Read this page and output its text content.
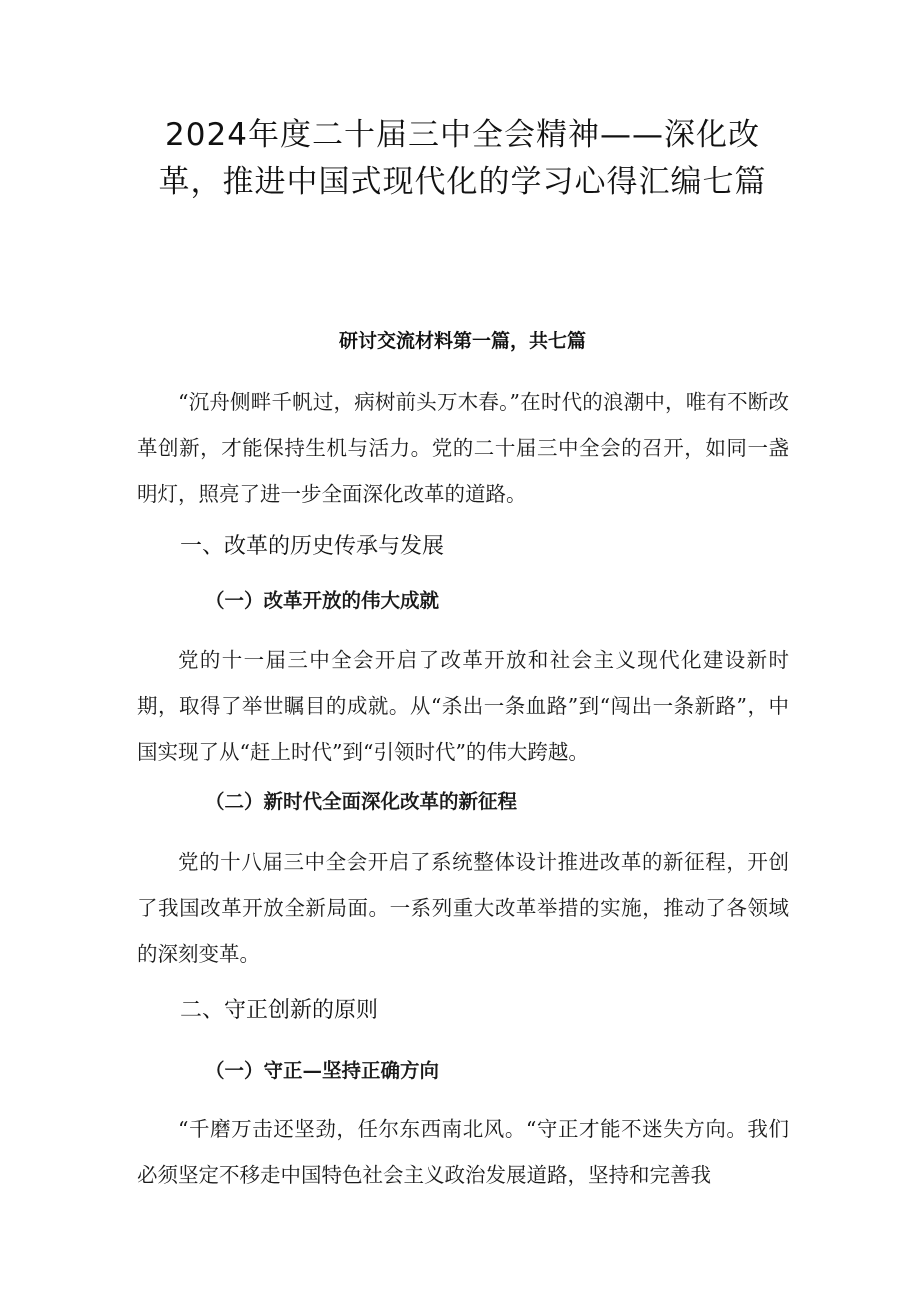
2024年度二十届三中全会精神——深化改革，推进中国式现代化的学习心得汇编七篇

研讨交流材料第一篇，共七篇

“沉舟侧畔千帆过，病树前头万木春。”在时代的浪潮中，唯有不断改革创新，才能保持生机与活力。党的二十届三中全会的召开，如同一盏明灯，照亮了进一步全面深化改革的道路。

一、改革的历史传承与发展
（一）改革开放的伟大成就

党的十一届三中全会开启了改革开放和社会主义现代化建设新时期，取得了举世瞩目的成就。从“杀出一条血路”到“闯出一条新路”，中国实现了从“赶上时代”到“引领时代”的伟大跨越。

（二）新时代全面深化改革的新征程

党的十八届三中全会开启了系统整体设计推进改革的新征程，开创了我国改革开放全新局面。一系列重大改革举措的实施，推动了各领域的深刻变革。

二、守正创新的原则
（一）守正—坚持正确方向

“千磨万击还坚劲，任尔东西南北风。“守正才能不迷失方向。我们必须坚定不移走中国特色社会主义政治发展道路，坚持和完善我
